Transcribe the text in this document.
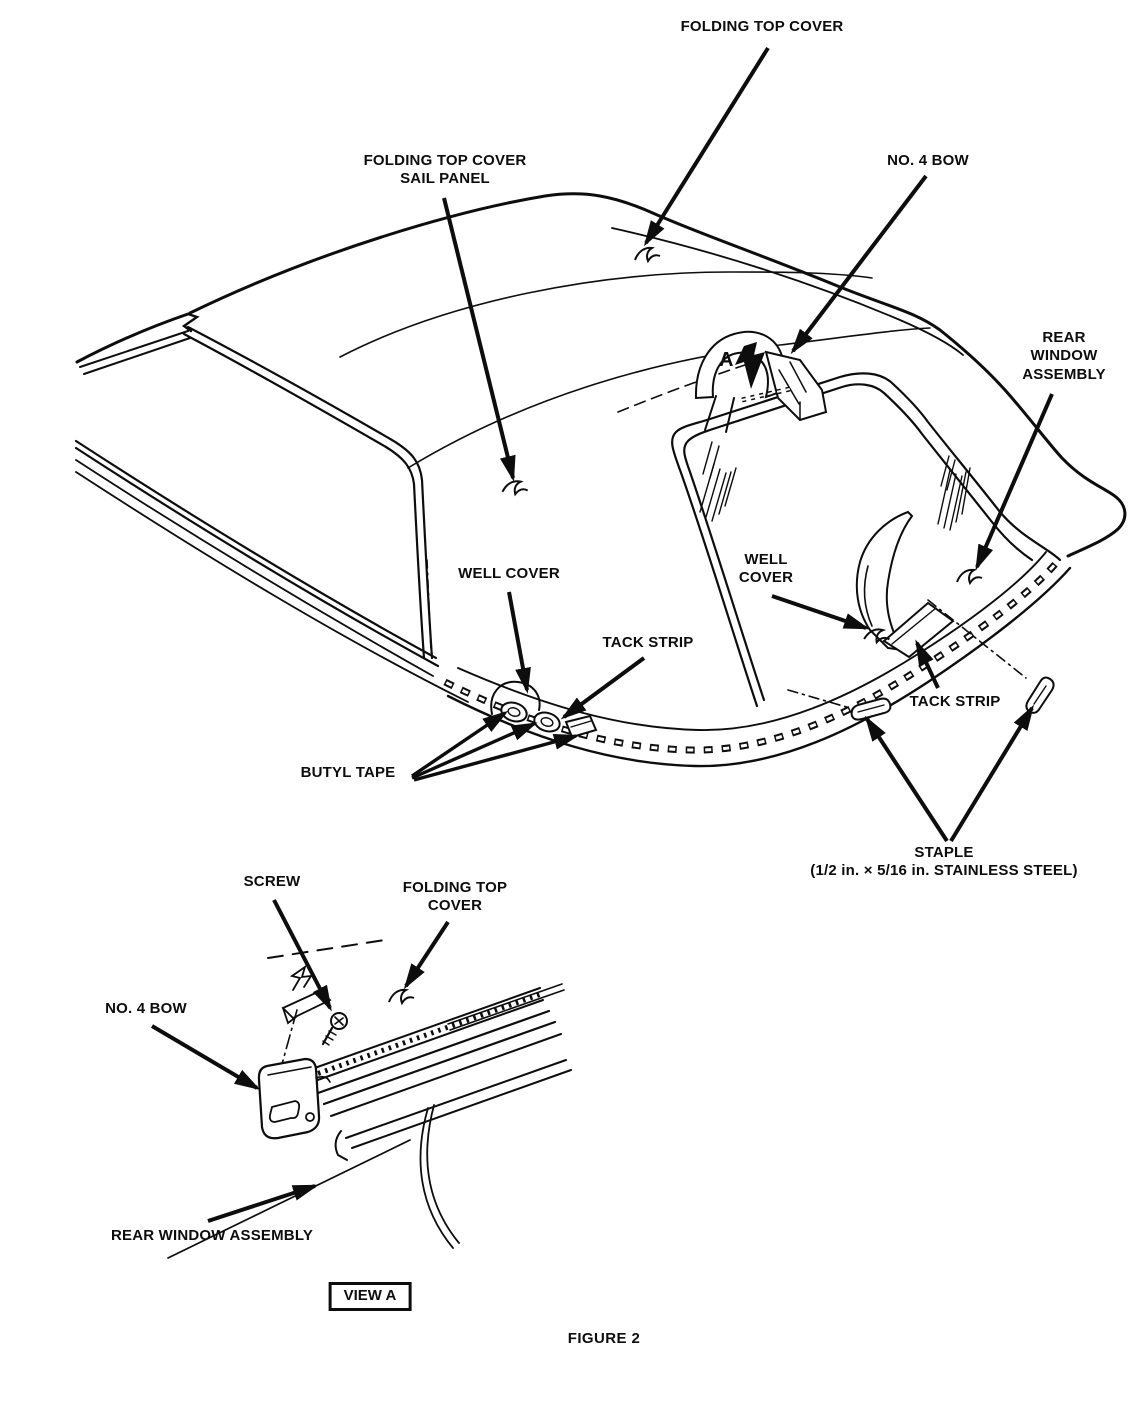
FOLDING TOP COVER
FOLDING TOP COVER
SAIL PANEL
NO. 4 BOW
REAR
WINDOW
ASSEMBLY
A
WELL COVER
TACK STRIP
WELL
COVER
TACK STRIP
BUTYL TAPE
STAPLE
(1/2 in. × 5/16 in. STAINLESS STEEL)
SCREW	FOLDING TOP
COVER
NO. 4 BOW
REAR WINDOW ASSEMBLY
VIEW A
FIGURE 2
